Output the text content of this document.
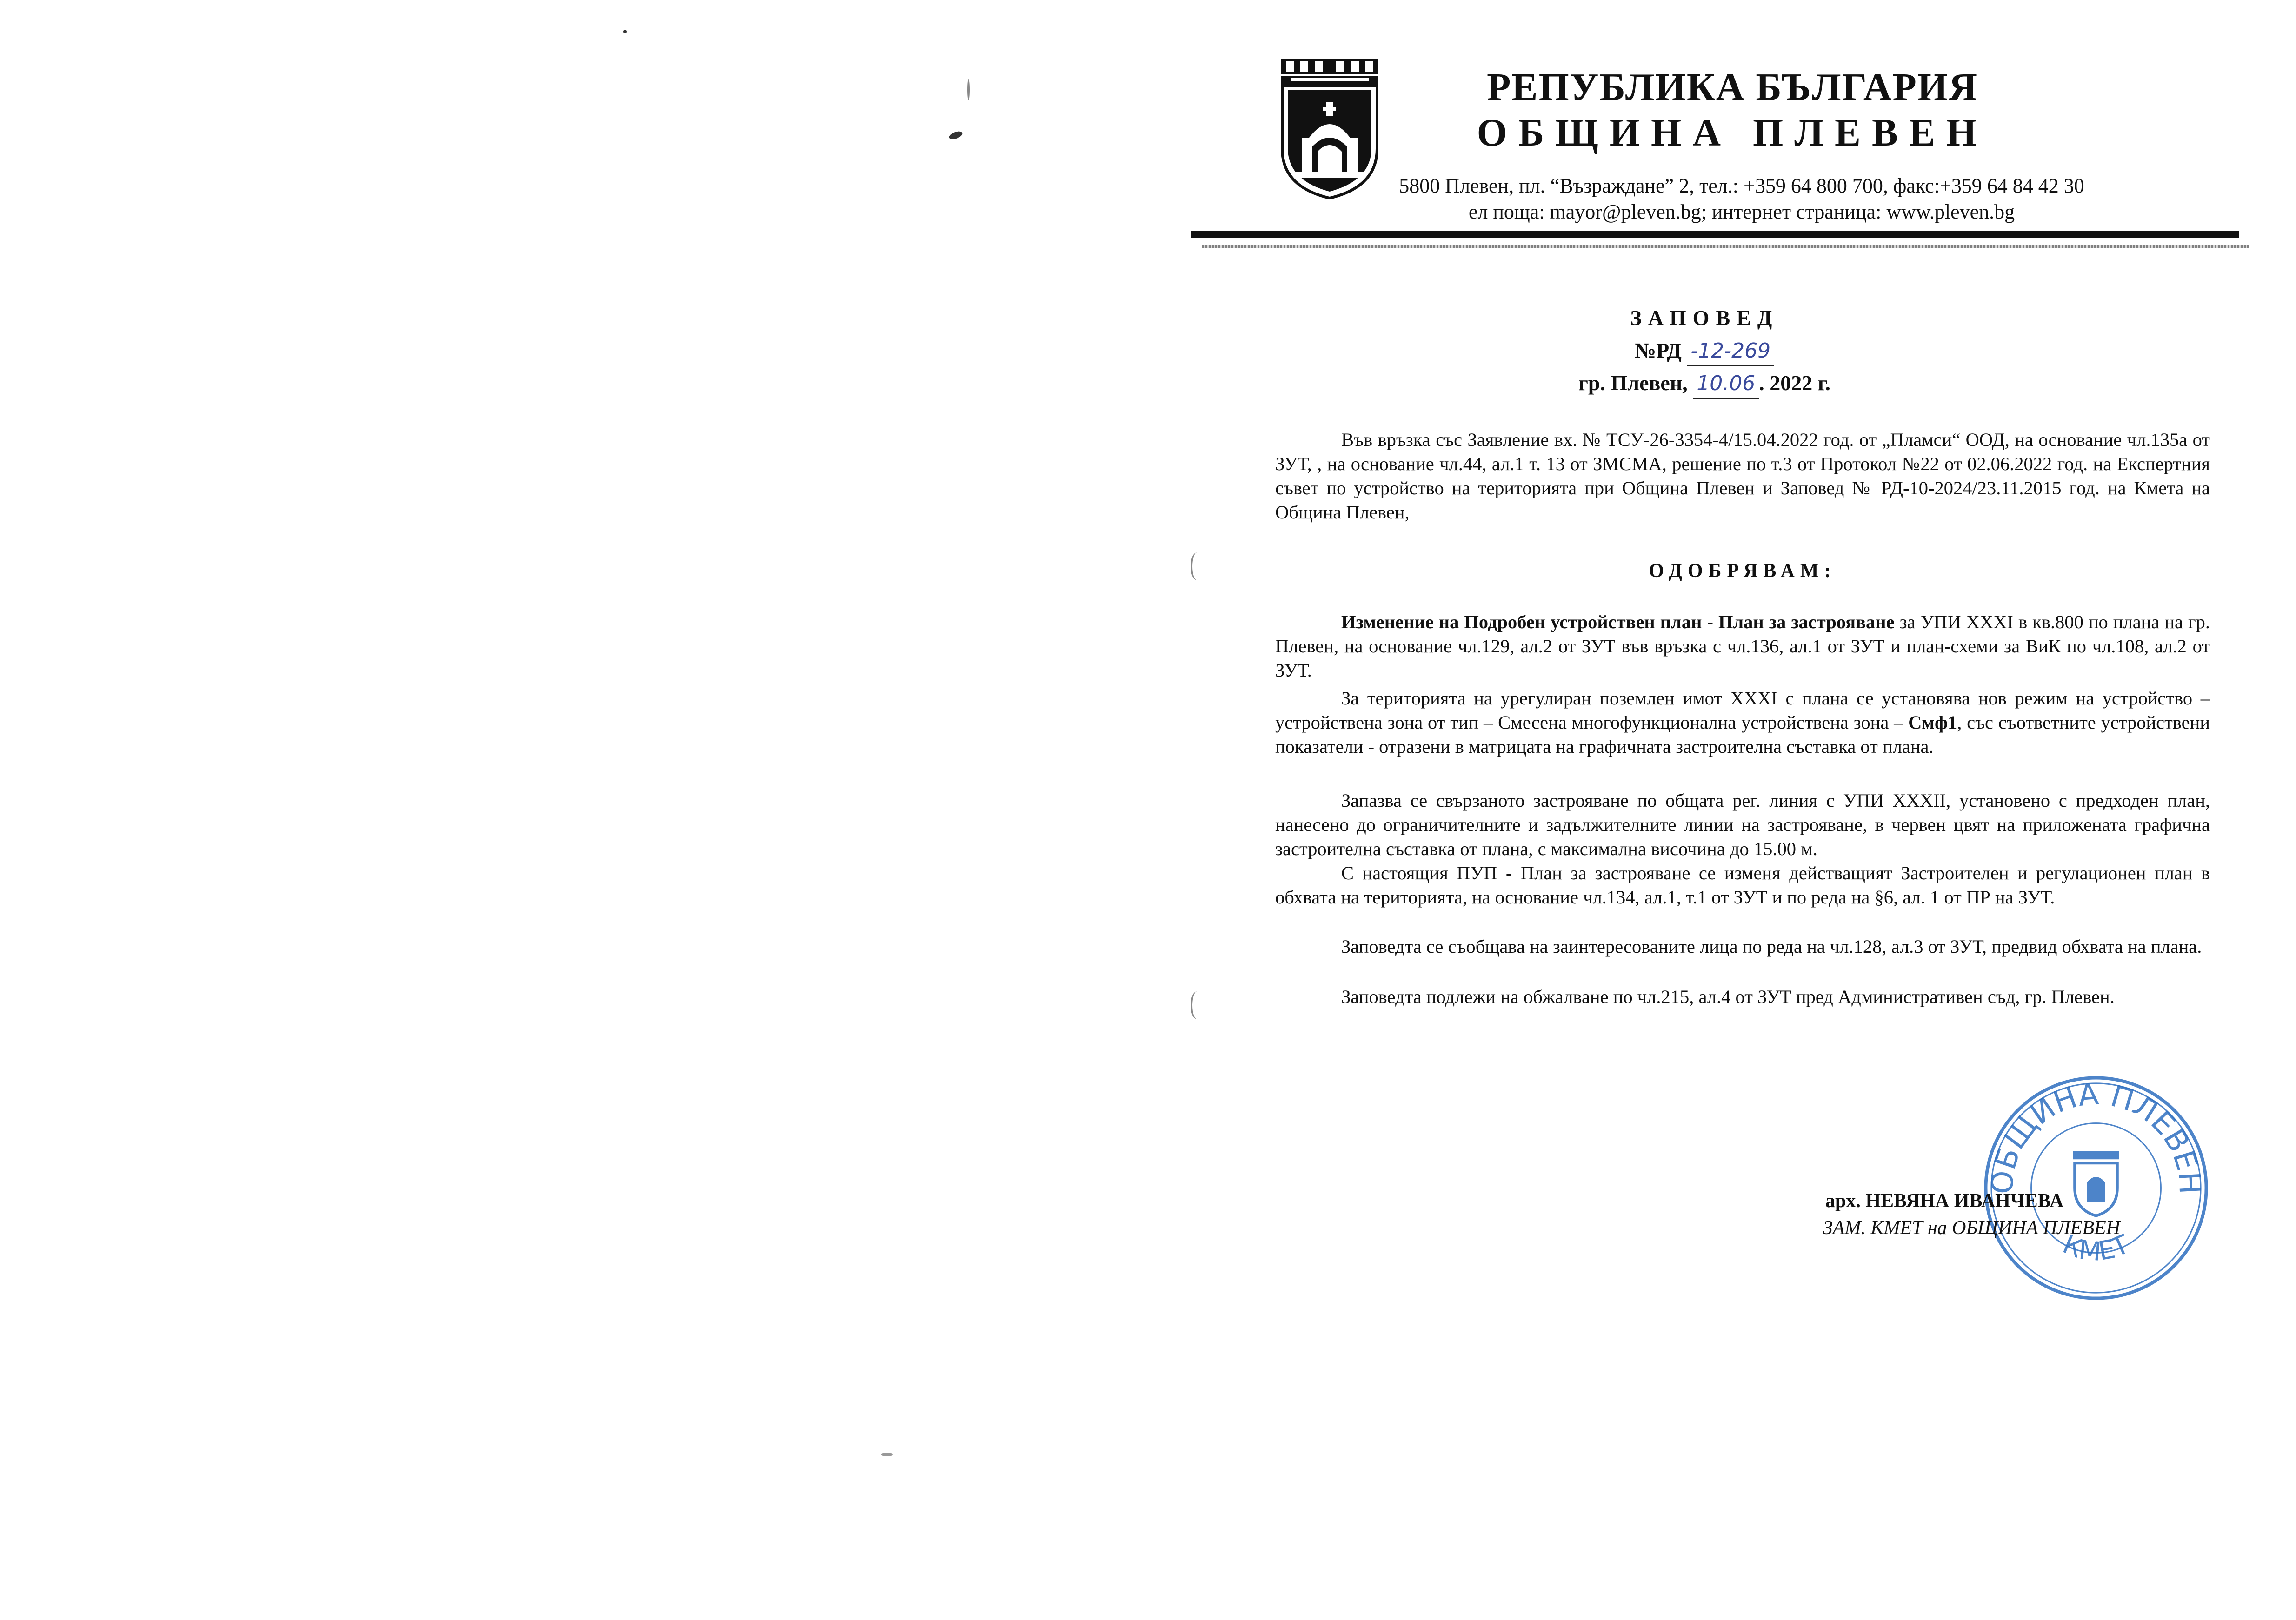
РЕПУБЛИКА БЪЛГАРИЯ
ОБЩИНА ПЛЕВЕН
5800 Плевен, пл. “Възраждане” 2, тел.: +359 64 800 700, факс:+359 64 84 42 30
ел поща: mayor@pleven.bg; интернет страница: www.pleven.bg
ЗАПОВЕД
№РД -12-269
гр. Плевен, 10.06 . 2022 г.
Във връзка със Заявление вх. № ТСУ-26-3354-4/15.04.2022 год. от „Пламси“ ООД, на основание чл.135а от ЗУТ, , на основание чл.44, ал.1 т. 13 от ЗМСМА, решение по т.3 от Протокол №22 от 02.06.2022 год. на Експертния съвет по устройство на територията при Община Плевен и Заповед № РД-10-2024/23.11.2015 год. на Кмета на Община Плевен,
ОДОБРЯВАМ:
Изменение на Подробен устройствен план - План за застрояване за УПИ XXXI в кв.800 по плана на гр. Плевен, на основание чл.129, ал.2 от ЗУТ във връзка с чл.136, ал.1 от ЗУТ и план-схеми за ВиК по чл.108, ал.2 от ЗУТ.
За територията на урегулиран поземлен имот XXXI с плана се установява нов режим на устройство – устройствена зона от тип – Смесена многофункционална устройствена зона – Смф1, със съответните устройствени показатели - отразени в матрицата на графичната застроителна съставка от плана.
Запазва се свързаното застрояване по общата рег. линия с УПИ XXXII, установено с предходен план, нанесено до ограничителните и задължителните линии на застрояване, в червен цвят на приложената графична застроителна съставка от плана, с максимална височина до 15.00 м.
С настоящия ПУП - План за застрояване се изменя действащият Застроителен и регулационен план в обхвата на територията, на основание чл.134, ал.1, т.1 от ЗУТ и по реда на §6, ал. 1 от ПР на ЗУТ.
Заповедта се съобщава на заинтересованите лица по реда на чл.128, ал.3 от ЗУТ, предвид обхвата на плана.
Заповедта подлежи на обжалване по чл.215, ал.4 от ЗУТ пред Административен съд, гр. Плевен.
ОБЩИНА ПЛЕВЕН
КМЕТ
арх. НЕВЯНА ИВАНЧЕВА
ЗАМ. КМЕТ на ОБЩИНА ПЛЕВЕН
